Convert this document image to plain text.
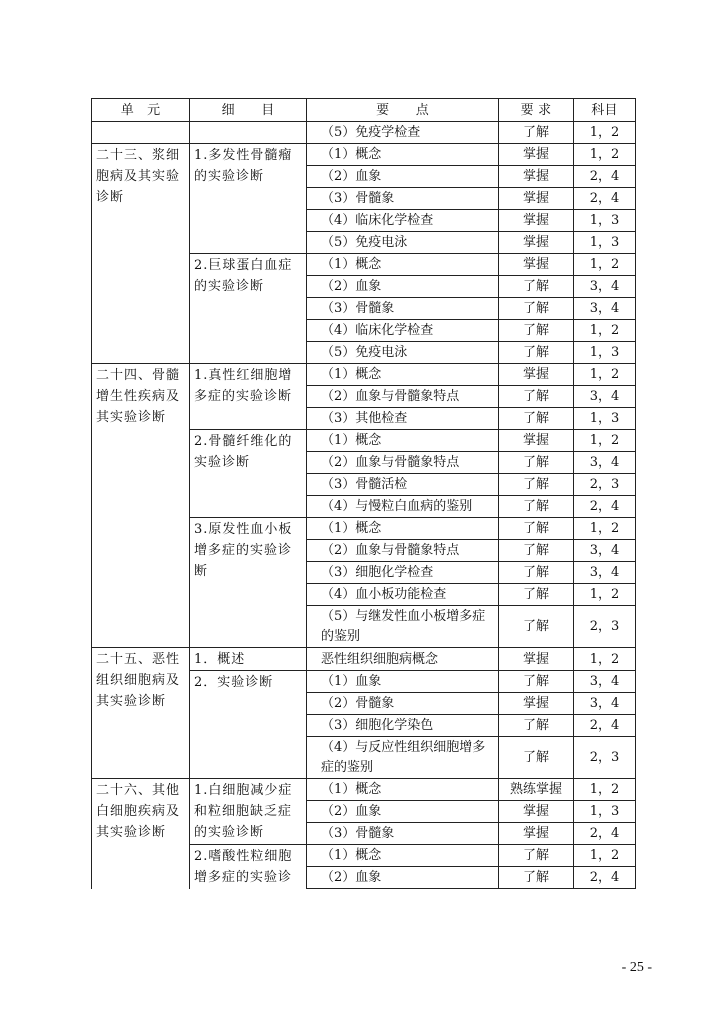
单　元	细　　目	要　　点	要 求	科目
		（5）免疫学检查	了解	1，2
二十三、浆细胞病及其实验诊断	1.多发性骨髓瘤的实验诊断	（1）概念	掌握	1，2
		（2）血象	掌握	2，4
		（3）骨髓象	掌握	2，4
		（4）临床化学检查	掌握	1，3
		（5）免疫电泳	掌握	1，3
	2.巨球蛋白血症的实验诊断	（1）概念	掌握	1，2
		（2）血象	了解	3，4
		（3）骨髓象	了解	3，4
		（4）临床化学检查	了解	1，2
		（5）免疫电泳	了解	1，3
二十四、骨髓增生性疾病及其实验诊断	1.真性红细胞增多症的实验诊断	（1）概念	掌握	1，2
		（2）血象与骨髓象特点	了解	3，4
		（3）其他检查	了解	1，3
	2.骨髓纤维化的实验诊断	（1）概念	掌握	1，2
		（2）血象与骨髓象特点	了解	3，4
		（3）骨髓活检	了解	2，3
		（4）与慢粒白血病的鉴别	了解	2，4
	3.原发性血小板增多症的实验诊断	（1）概念	了解	1，2
		（2）血象与骨髓象特点	了解	3，4
		（3）细胞化学检查	了解	3，4
		（4）血小板功能检查	了解	1，2
		（5）与继发性血小板增多症的鉴别	了解	2，3
二十五、恶性组织细胞病及其实验诊断	1．概述	恶性组织细胞病概念	掌握	1，2
	2．实验诊断	（1）血象	了解	3，4
		（2）骨髓象	掌握	3，4
		（3）细胞化学染色	了解	2，4
		（4）与反应性组织细胞增多症的鉴别	了解	2，3
二十六、其他白细胞疾病及其实验诊断	1.白细胞减少症和粒细胞缺乏症的实验诊断	（1）概念	熟练掌握	1，2
		（2）血象	掌握	1，3
		（3）骨髓象	掌握	2，4
	2.嗜酸性粒细胞增多症的实验诊	（1）概念	了解	1，2
		（2）血象	了解	2，4
- 25 -
